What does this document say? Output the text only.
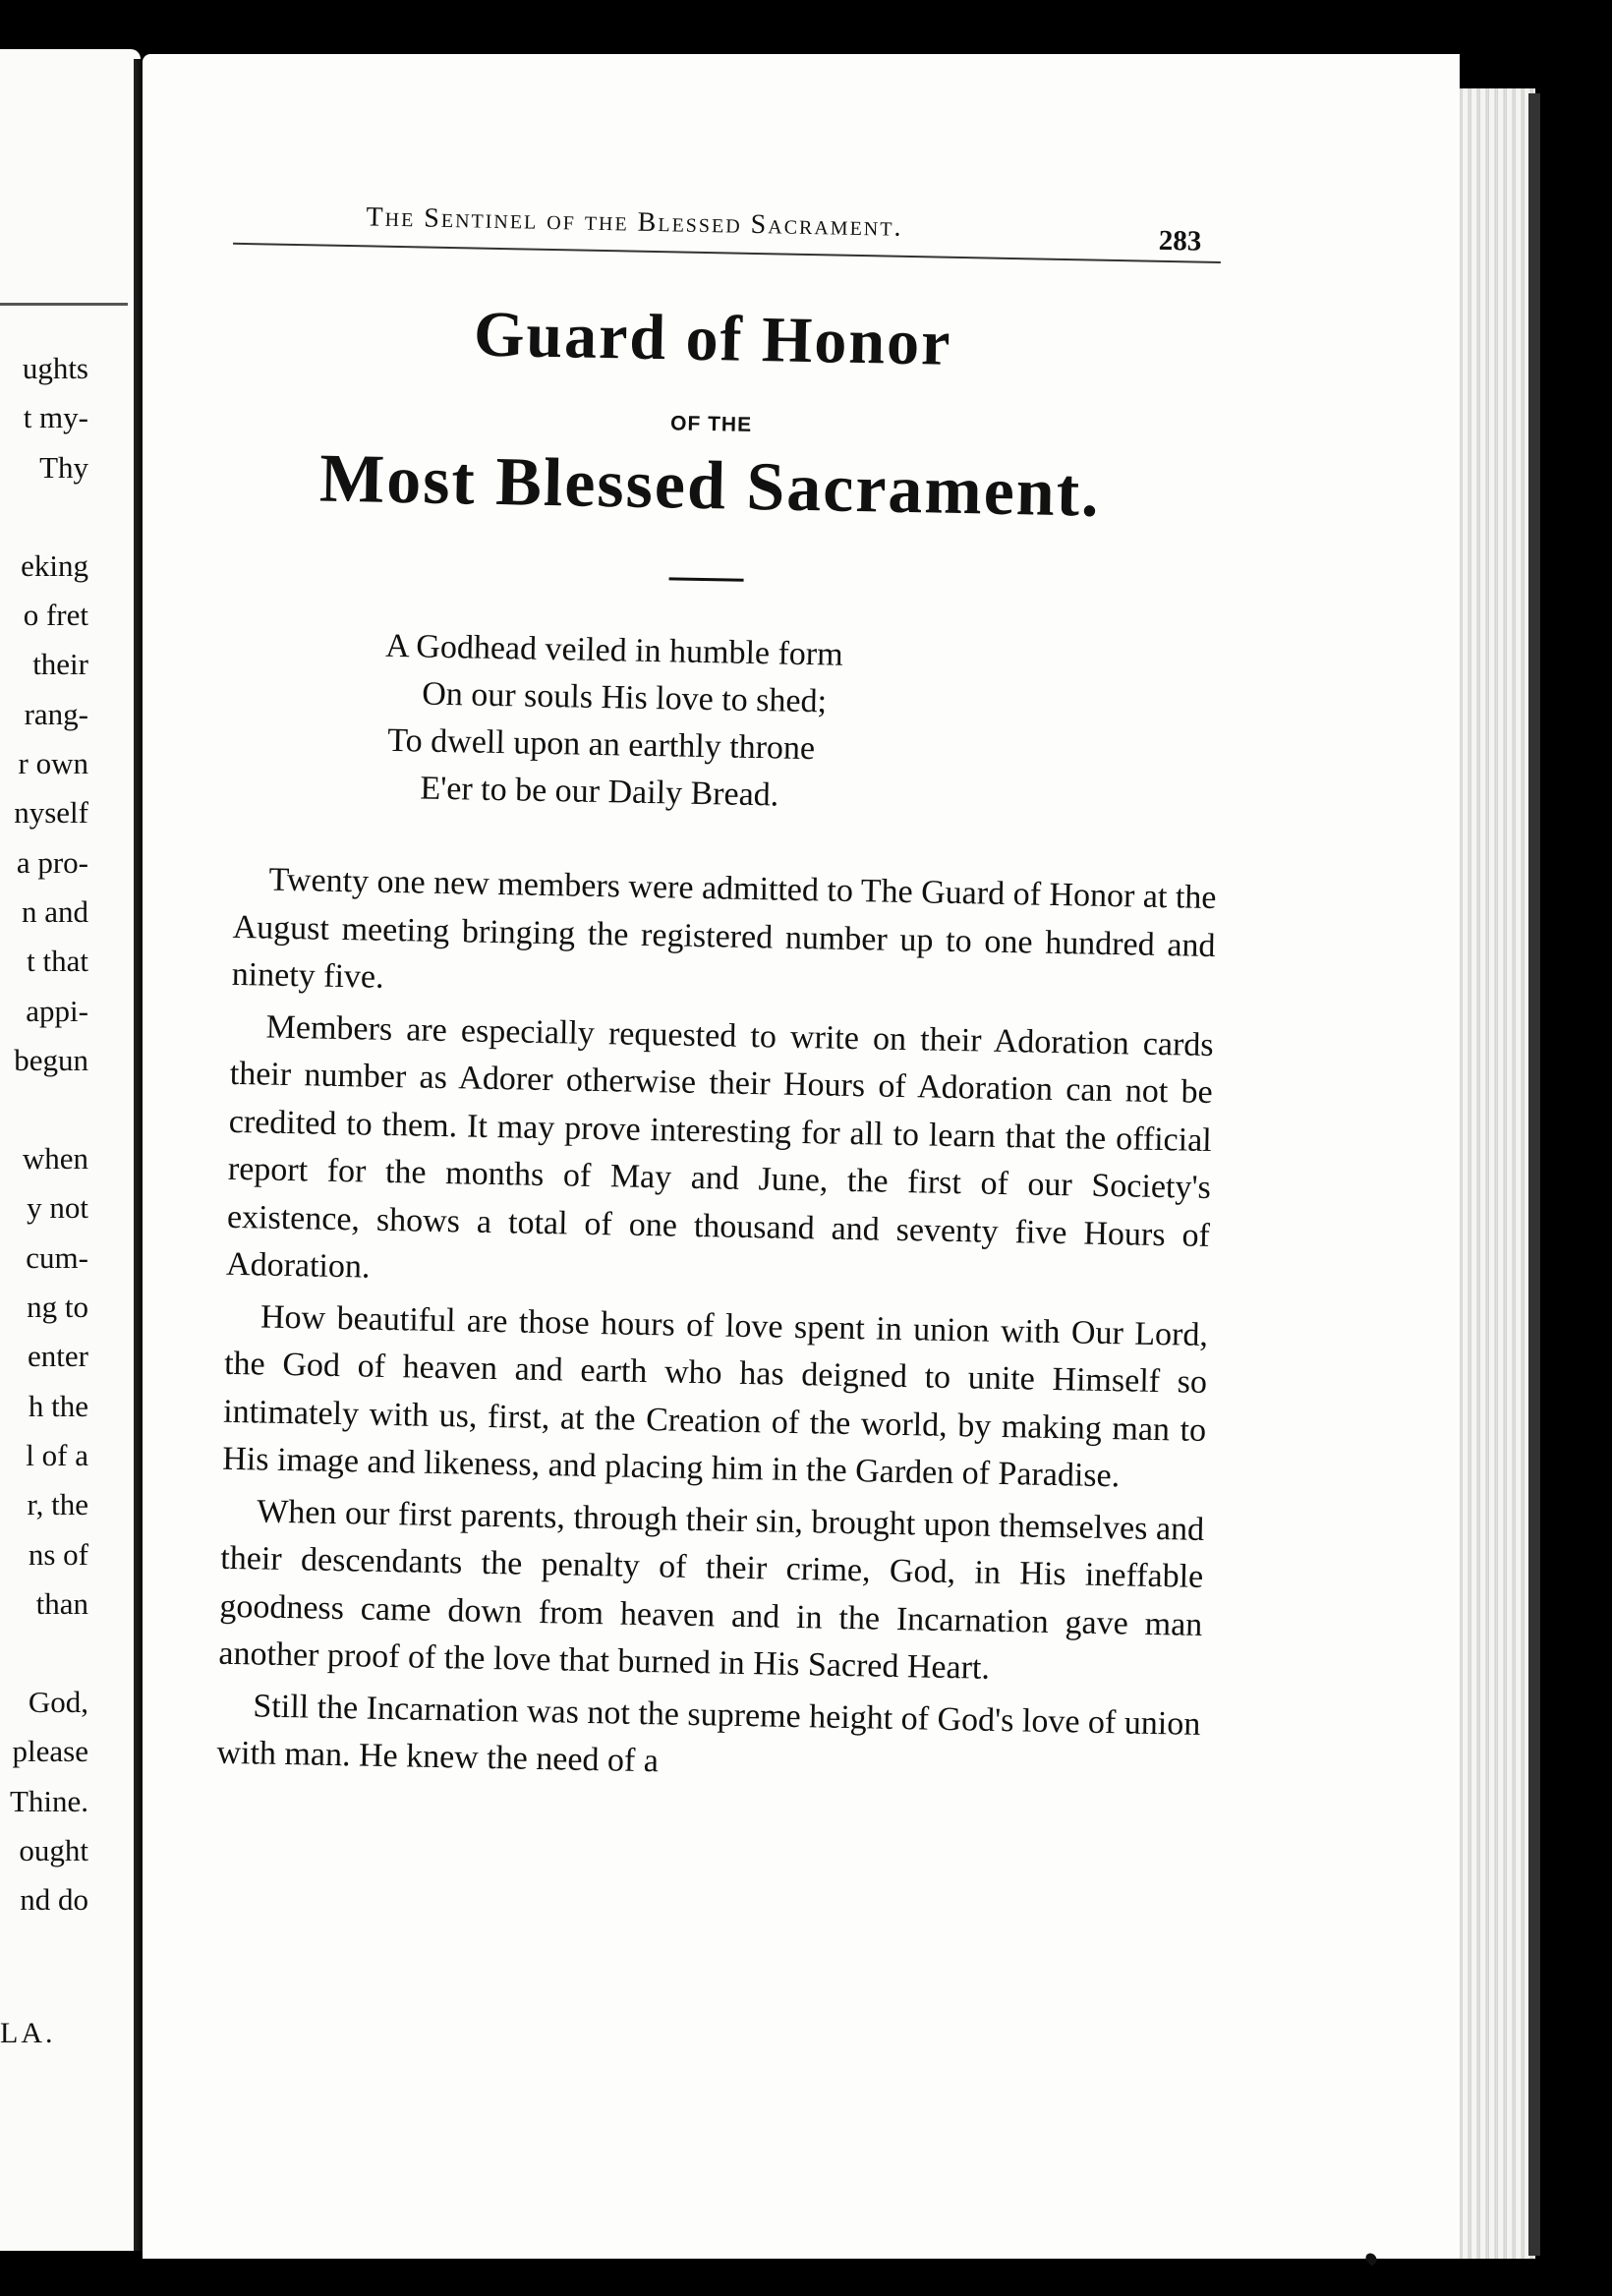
ughts
t my-
Thy
eking
o fret
their
rang-
r own
nyself
a pro-
n and
t that
appi-
begun
when
y not
cum-
ng to
enter
h the
l of a
r, the
ns of
than
God,
please
Thine.
ought
nd do
LA.
The Sentinel of the Blessed Sacrament.	283
Guard of Honor
OF THE
Most Blessed Sacrament.
A Godhead veiled in humble form
On our souls His love to shed;
To dwell upon an earthly throne
E'er to be our Daily Bread.

Twenty one new members were admitted to The Guard of Honor at the August meeting bringing the registered number up to one hundred and ninety five.

Members are especially requested to write on their Adoration cards their number as Adorer otherwise their Hours of Adoration can not be credited to them. It may prove interesting for all to learn that the official report for the months of May and June, the first of our Society's existence, shows a total of one thousand and seventy five Hours of Adoration.

How beautiful are those hours of love spent in union with Our Lord, the God of heaven and earth who has deigned to unite Himself so intimately with us, first, at the Creation of the world, by making man to His image and likeness, and placing him in the Garden of Paradise.

When our first parents, through their sin, brought upon themselves and their descendants the penalty of their crime, God, in His ineffable goodness came down from heaven and in the Incarnation gave man another proof of the love that burned in His Sacred Heart.

Still the Incarnation was not the supreme height of God's love of union with man. He knew the need of a
